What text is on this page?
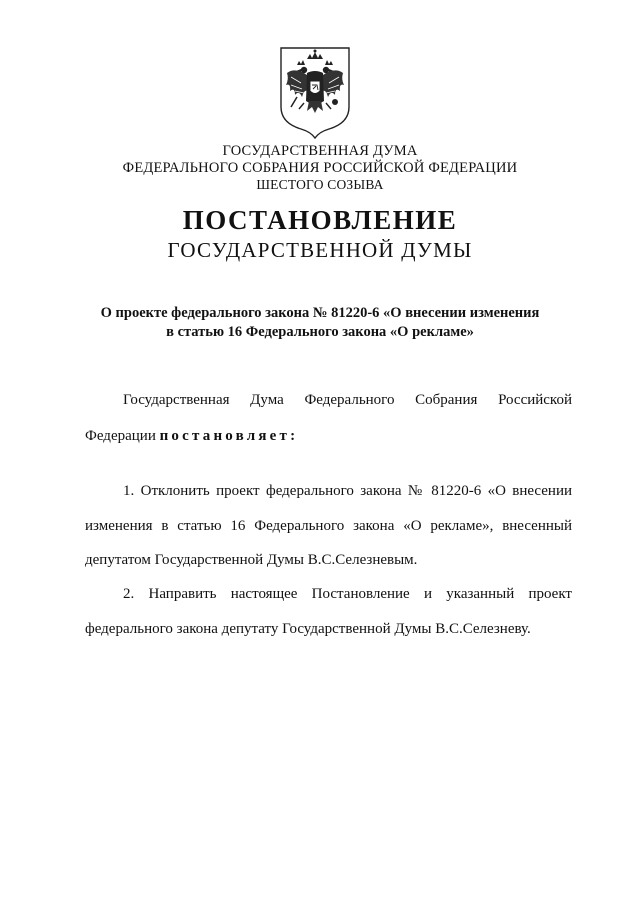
ГОСУДАРСТВЕННАЯ ДУМА
ФЕДЕРАЛЬНОГО СОБРАНИЯ РОССИЙСКОЙ ФЕДЕРАЦИИ
ШЕСТОГО СОЗЫВА
ПОСТАНОВЛЕНИЕ
ГОСУДАРСТВЕННОЙ ДУМЫ
О проекте федерального закона № 81220-6 «О внесении изменения
в статью 16 Федерального закона «О рекламе»
Государственная Дума Федерального Собрания Российской
Федерации постановляет:
1. Отклонить проект федерального закона № 81220-6 «О внесении
изменения в статью 16 Федерального закона «О рекламе», внесенный
депутатом Государственной Думы В.С.Селезневым.
2. Направить настоящее Постановление и указанный проект
федерального закона депутату Государственной Думы В.С.Селезневу.
